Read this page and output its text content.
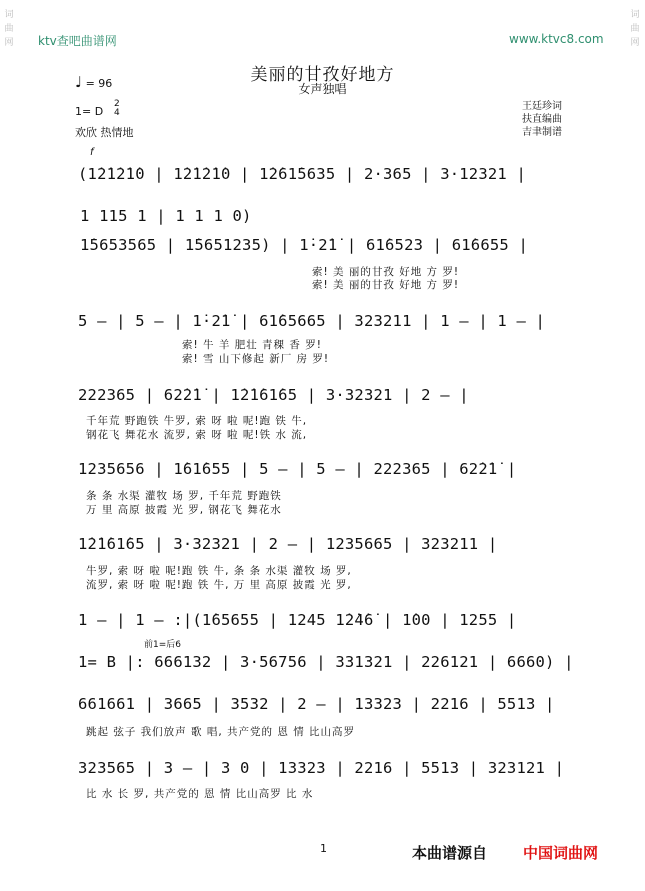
词曲网 ktv查吧曲谱网	www.ktvc8.com
美丽的甘孜好地方
女声独唱
♩ = 96
1= D
2
4
欢欣 热情地
王廷珍词
扶直编曲
吉聿制谱
f
(1̇2̇1̇2̇1̇0 | 1̇2̇1̇2̇1̇0 | 1̇2̇61̇5635 | 2·365 | 3·12321 |
1 115 1 | 1 1 1 0)
1̇5653565 | 1̇5651235) | 1̇·2̇1̇ | 61̇6523 | 61̇6655 |
索! 美 丽的甘孜 好地 方 罗!
索! 美 丽的甘孜 好地 方 罗!
5 — | 5 — | 1̇·2̇1̇ | 61̇65665 | 323211 | 1 — | 1 — |
索! 牛 羊 肥壮 青稞 香 罗!
索! 雪 山下修起 新厂 房 罗!
222365 | 62̇2̇1̇ | 1̇2̇1̇61̇65 | 3·32321 | 2 — |
千年荒 野跑铁 牛罗, 索 呀 啦 呢!跑 铁 牛,
钢花飞 舞花水 流罗, 索 呀 啦 呢!铁 水 流,
1235656 | 1̇61̇655 | 5 — | 5 — | 222365 | 62̇2̇1̇ |
条 条 水渠 灌牧 场 罗, 千年荒 野跑铁
万 里 高原 披霞 光 罗, 钢花飞 舞花水
1̇2̇1̇61̇65 | 3·32321 | 2 — | 1235665 | 323211 |
牛罗, 索 呀 啦 呢!跑 铁 牛, 条 条 水渠 灌牧 场 罗,
流罗, 索 呀 啦 呢!跑 铁 牛, 万 里 高原 披霞 光 罗,
1 — | 1 — :|(1̇65655 | 1245 1̇2̇4̇6̇ | 1̇00 | 1255 |
前1=后6
1= B |: 666132 | 3·56756 | 331321 | 226121 | 6660) |
661661 | 3665 | 3532 | 2 — | 13323 | 2216 | 5513 |
跳起 弦子 我们放声 歌 唱, 共产党的 恩 情 比山高罗
323565 | 3 — | 3 0 | 13323 | 2216 | 5513 | 323121 |
比 水 长 罗, 共产党的 恩 情 比山高罗 比 水
1	本曲谱源自 中国词曲网
词曲网
